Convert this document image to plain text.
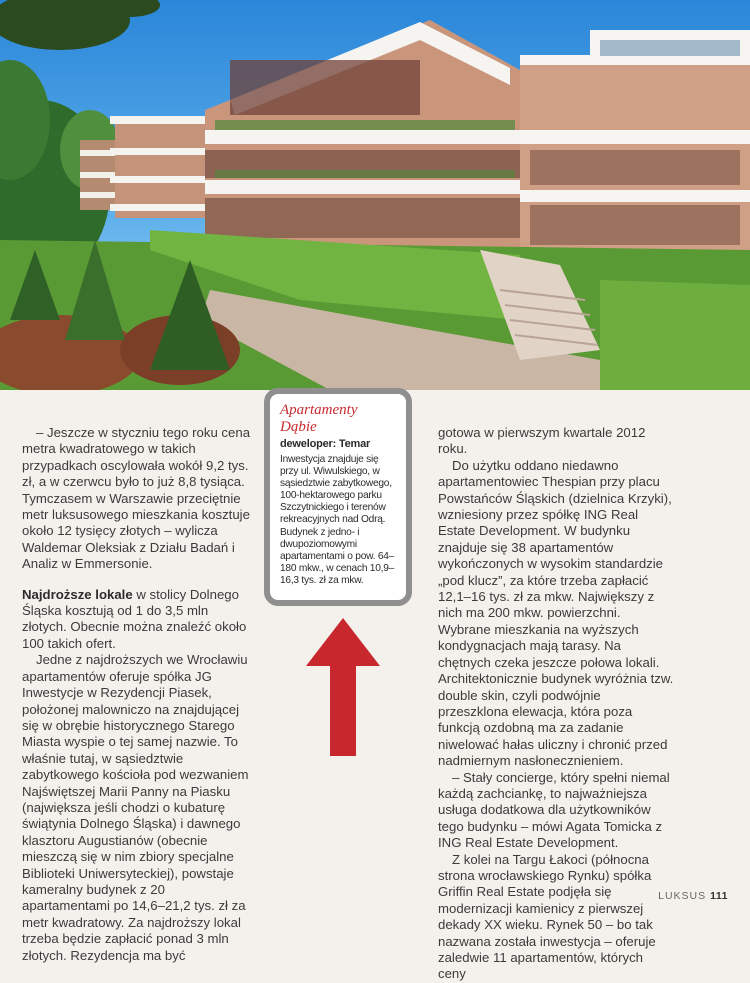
– Jeszcze w styczniu tego roku cena metra kwadratowego w takich przypadkach oscylowała wokół 9,2 tys. zł, a w czerwcu było to już 8,8 tysiąca. Tymczasem w Warszawie przeciętnie metr luksusowego mieszkania kosztuje około 12 tysięcy złotych – wylicza Waldemar Oleksiak z Działu Badań i Analiz w Emmersonie.

Najdroższe lokale w stolicy Dolnego Śląska kosztują od 1 do 3,5 mln złotych. Obecnie można znaleźć około 100 takich ofert.

Jedne z najdroższych we Wrocławiu apartamentów oferuje spółka JG Inwestycje w Rezydencji Piasek, położonej malowniczo na znajdującej się w obrębie historycznego Starego Miasta wyspie o tej samej nazwie. To właśnie tutaj, w sąsiedztwie zabytkowego kościoła pod wezwaniem Najświętszej Marii Panny na Piasku (największa jeśli chodzi o kubaturę świątynia Dolnego Śląska) i dawnego klasztoru Augustianów (obecnie mieszczą się w nim zbiory specjalne Biblioteki Uniwersyteckiej), powstaje kameralny budynek z 20 apartamentami po 14,6–21,2 tys. zł za metr kwadratowy. Za najdroższy lokal trzeba będzie zapłacić ponad 3 mln złotych. Rezydencja ma być

Apartamenty
Dąbie
deweloper: Temar
Inwestycja znajduje się przy ul. Wiwulskiego, w sąsiedztwie zabytkowego, 100-hektarowego parku Szczytnickiego i terenów rekreacyjnych nad Odrą. Budynek z jedno- i dwupoziomowymi apartamentami o pow. 64–180 mkw., w cenach 10,9–16,3 tys. zł za mkw.

gotowa w pierwszym kwartale 2012 roku.

Do użytku oddano niedawno apartamentowiec Thespian przy placu Powstańców Śląskich (dzielnica Krzyki), wzniesiony przez spółkę ING Real Estate Development. W budynku znajduje się 38 apartamentów wykończonych w wysokim standardzie „pod klucz”, za które trzeba zapłacić 12,1–16 tys. zł za mkw. Największy z nich ma 200 mkw. powierzchni. Wybrane mieszkania na wyższych kondygnacjach mają tarasy. Na chętnych czeka jeszcze połowa lokali. Architektonicznie budynek wyróżnia tzw. double skin, czyli podwójnie przeszklona elewacja, która poza funkcją ozdobną ma za zadanie niwelować hałas uliczny i chronić przed nadmiernym nasłonecznieniem.

– Stały concierge, który spełni niemal każdą zachciankę, to najważniejsza usługa dodatkowa dla użytkowników tego budynku – mówi Agata Tomicka z ING Real Estate Development.

Z kolei na Targu Łakoci (północna strona wrocławskiego Rynku) spółka Griffin Real Estate podjęła się modernizacji kamienicy z pierwszej dekady XX wieku. Rynek 50 – bo tak nazwana została inwestycja – oferuje zaledwie 11 apartamentów, których ceny

LUKSUS 111
